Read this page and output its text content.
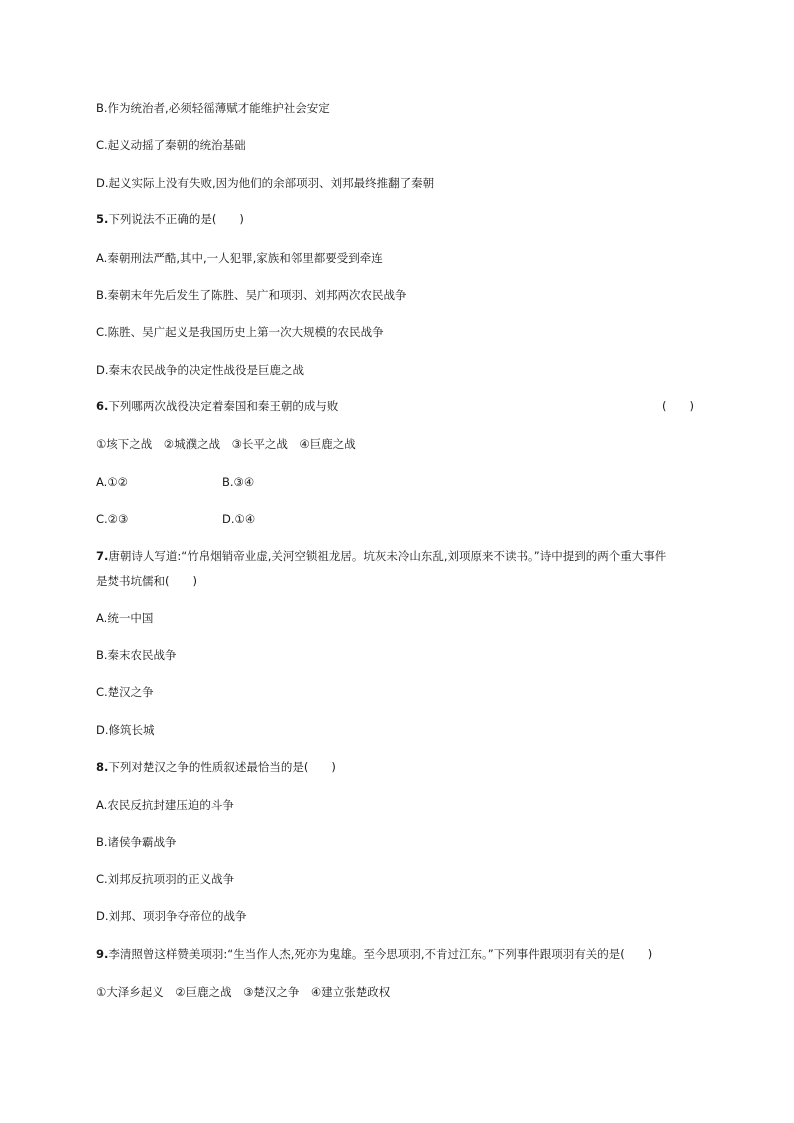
B.作为统治者,必须轻徭薄赋才能维护社会安定
C.起义动摇了秦朝的统治基础
D.起义实际上没有失败,因为他们的余部项羽、刘邦最终推翻了秦朝
5.下列说法不正确的是(　　)
A.秦朝刑法严酷,其中,一人犯罪,家族和邻里都要受到牵连
B.秦朝末年先后发生了陈胜、吴广和项羽、刘邦两次农民战争
C.陈胜、吴广起义是我国历史上第一次大规模的农民战争
D.秦末农民战争的决定性战役是巨鹿之战
6.下列哪两次战役决定着秦国和秦王朝的成与败	(　　)
①垓下之战　②城濮之战　③长平之战　④巨鹿之战
A.①②	B.③④
C.②③	D.①④
7.唐朝诗人写道:“竹帛烟销帝业虚,关河空锁祖龙居。坑灰未冷山东乱,刘项原来不读书。”诗中提到的两个重大事件
是焚书坑儒和(　　)
A.统一中国
B.秦末农民战争
C.楚汉之争
D.修筑长城
8.下列对楚汉之争的性质叙述最恰当的是(　　)
A.农民反抗封建压迫的斗争
B.诸侯争霸战争
C.刘邦反抗项羽的正义战争
D.刘邦、项羽争夺帝位的战争
9.李清照曾这样赞美项羽:“生当作人杰,死亦为鬼雄。至今思项羽,不肯过江东。”下列事件跟项羽有关的是(　　)
①大泽乡起义　②巨鹿之战　③楚汉之争　④建立张楚政权
